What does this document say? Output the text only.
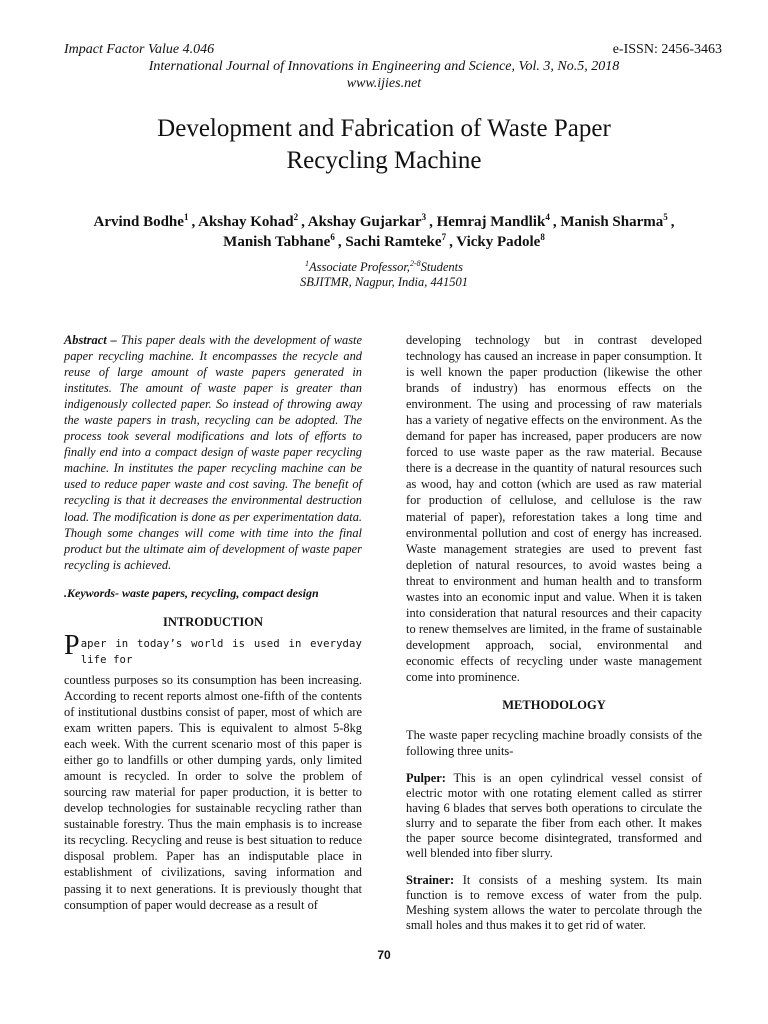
Impact Factor Value 4.046	e-ISSN: 2456-3463
International Journal of Innovations in Engineering and Science, Vol. 3, No.5, 2018
www.ijies.net
Development and Fabrication of Waste Paper
Recycling Machine
Arvind Bodhe$^1$ , Akshay Kohad$^2$ , Akshay Gujarkar$^3$ , Hemraj Mandlik$^4$ , Manish Sharma$^5$ ,
Manish Tabhane$^6$ , Sachi Ramteke$^7$ , Vicky Padole$^8$
$^1$Associate Professor,$^{2-8}$Students
SBJITMR, Nagpur, India, 441501
Abstract – This paper deals with the development of waste paper recycling machine. It encompasses the recycle and reuse of large amount of waste papers generated in institutes. The amount of waste paper is greater than indigenously collected paper. So instead of throwing away the waste papers in trash, recycling can be adopted. The process took several modifications and lots of efforts to finally end into a compact design of waste paper recycling machine. In institutes the paper recycling machine can be used to reduce paper waste and cost saving. The benefit of recycling is that it decreases the environmental destruction load. The modification is done as per experimentation data. Though some changes will come with time into the final product but the ultimate aim of development of waste paper recycling is achieved.
.Keywords- waste papers, recycling, compact design
INTRODUCTION
Paper in today’s world is used in everyday life for
countless purposes so its consumption has been increasing. According to recent reports almost one-fifth of the contents of institutional dustbins consist of paper, most of which are exam written papers. This is equivalent to almost 5-8kg each week. With the current scenario most of this paper is either go to landfills or other dumping yards, only limited amount is recycled. In order to solve the problem of sourcing raw material for paper production, it is better to develop technologies for sustainable recycling rather than sustainable forestry. Thus the main emphasis is to increase its recycling. Recycling and reuse is best situation to reduce disposal problem. Paper has an indisputable place in establishment of civilizations, saving information and passing it to next generations. It is previously thought that consumption of paper would decrease as a result of

developing technology but in contrast developed technology has caused an increase in paper consumption. It is well known the paper production (likewise the other brands of industry) has enormous effects on the environment. The using and processing of raw materials has a variety of negative effects on the environment. As the demand for paper has increased, paper producers are now forced to use waste paper as the raw material. Because there is a decrease in the quantity of natural resources such as wood, hay and cotton (which are used as raw material for production of cellulose, and cellulose is the raw material of paper), reforestation takes a long time and environmental pollution and cost of energy has increased. Waste management strategies are used to prevent fast depletion of natural resources, to avoid wastes being a threat to environment and human health and to transform wastes into an economic input and value. When it is taken into consideration that natural resources and their capacity to renew themselves are limited, in the frame of sustainable development approach, social, environmental and economic effects of recycling under waste management come into prominence.

METHODOLOGY

The waste paper recycling machine broadly consists of the following three units-

Pulper: This is an open cylindrical vessel consist of electric motor with one rotating element called as stirrer having 6 blades that serves both operations to circulate the slurry and to separate the fiber from each other. It makes the paper source become disintegrated, transformed and well blended into fiber slurry.

Strainer: It consists of a meshing system. Its main function is to remove excess of water from the pulp. Meshing system allows the water to percolate through the small holes and thus makes it to get rid of water.

70
